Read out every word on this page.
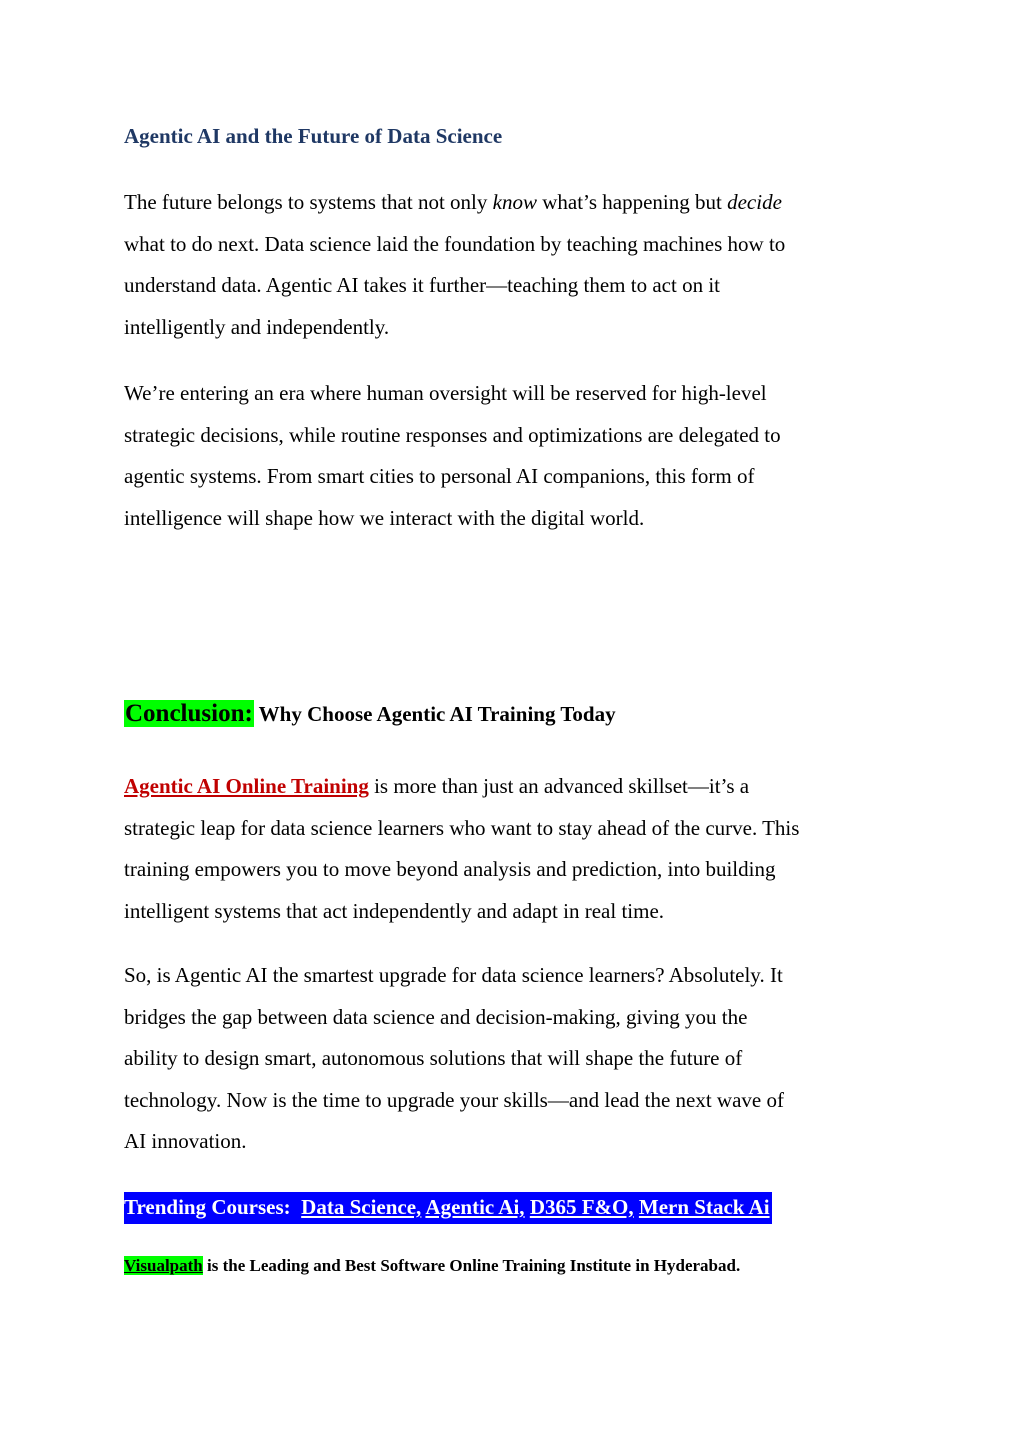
Agentic AI and the Future of Data Science

The future belongs to systems that not only know what’s happening but decide
what to do next. Data science laid the foundation by teaching machines how to
understand data. Agentic AI takes it further—teaching them to act on it
intelligently and independently.

We’re entering an era where human oversight will be reserved for high-level
strategic decisions, while routine responses and optimizations are delegated to
agentic systems. From smart cities to personal AI companions, this form of
intelligence will shape how we interact with the digital world.

Conclusion: Why Choose Agentic AI Training Today

Agentic AI Online Training is more than just an advanced skillset—it’s a
strategic leap for data science learners who want to stay ahead of the curve. This
training empowers you to move beyond analysis and prediction, into building
intelligent systems that act independently and adapt in real time.

So, is Agentic AI the smartest upgrade for data science learners? Absolutely. It
bridges the gap between data science and decision-making, giving you the
ability to design smart, autonomous solutions that will shape the future of
technology. Now is the time to upgrade your skills—and lead the next wave of
AI innovation.

Trending Courses: Data Science, Agentic Ai, D365 F&O, Mern Stack Ai
Visualpath is the Leading and Best Software Online Training Institute in Hyderabad.
